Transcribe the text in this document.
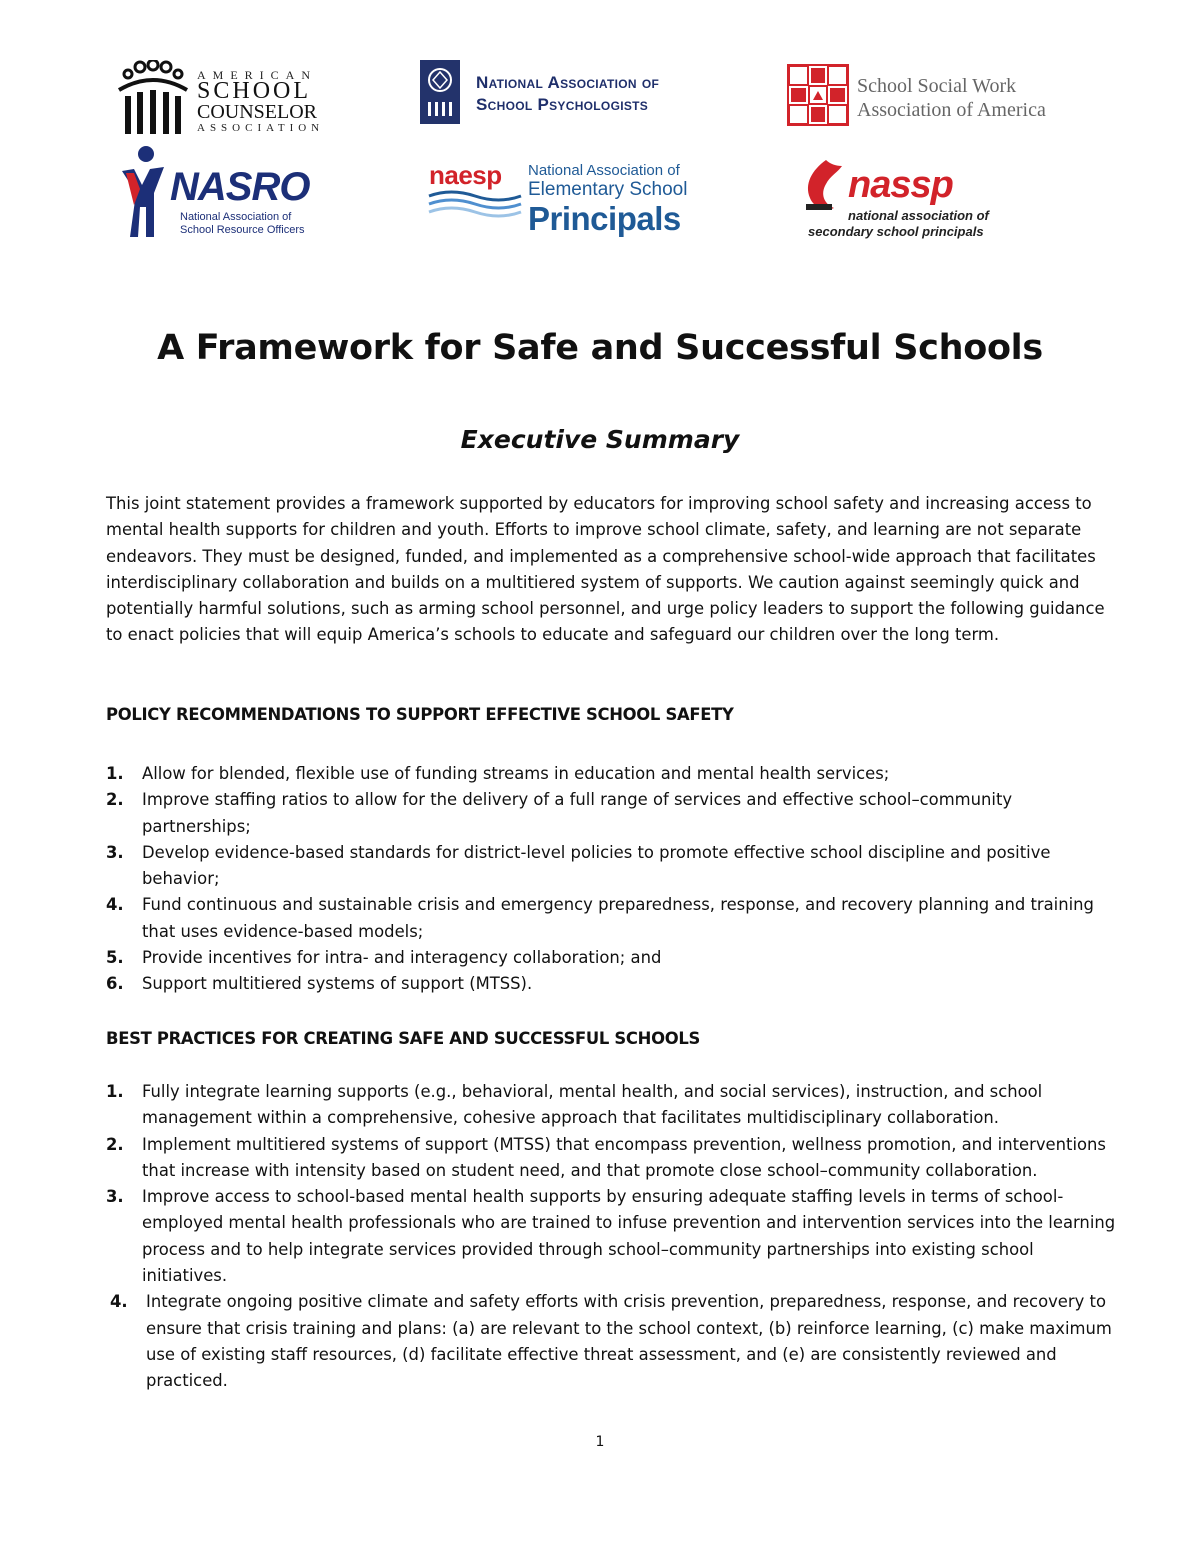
AMERICAN
SCHOOL
COUNSELOR
ASSOCIATION
National Association of
School Psychologists
School Social Work
Association of America
NASRO
National Association of
School Resource Officers
naesp National Association of
Elementary School
Principals
nassp
national association of
secondary school principals
A Framework for Safe and Successful Schools
Executive Summary

This joint statement provides a framework supported by educators for improving school safety and increasing access to mental health supports for children and youth. Efforts to improve school climate, safety, and learning are not separate endeavors. They must be designed, funded, and implemented as a comprehensive school-wide approach that facilitates interdisciplinary collaboration and builds on a multitiered system of supports. We caution against seemingly quick and potentially harmful solutions, such as arming school personnel, and urge policy leaders to support the following guidance to enact policies that will equip America’s schools to educate and safeguard our children over the long term.

POLICY RECOMMENDATIONS TO SUPPORT EFFECTIVE SCHOOL SAFETY
1. Allow for blended, flexible use of funding streams in education and mental health services;
2. Improve staffing ratios to allow for the delivery of a full range of services and effective school–community partnerships;
3. Develop evidence-based standards for district-level policies to promote effective school discipline and positive behavior;
4. Fund continuous and sustainable crisis and emergency preparedness, response, and recovery planning and training that uses evidence-based models;
5. Provide incentives for intra- and interagency collaboration; and
6. Support multitiered systems of support (MTSS).
BEST PRACTICES FOR CREATING SAFE AND SUCCESSFUL SCHOOLS
1. Fully integrate learning supports (e.g., behavioral, mental health, and social services), instruction, and school management within a comprehensive, cohesive approach that facilitates multidisciplinary collaboration.
2. Implement multitiered systems of support (MTSS) that encompass prevention, wellness promotion, and interventions that increase with intensity based on student need, and that promote close school–community collaboration.
3. Improve access to school-based mental health supports by ensuring adequate staffing levels in terms of school-employed mental health professionals who are trained to infuse prevention and intervention services into the learning process and to help integrate services provided through school–community partnerships into existing school initiatives.
4. Integrate ongoing positive climate and safety efforts with crisis prevention, preparedness, response, and recovery to ensure that crisis training and plans: (a) are relevant to the school context, (b) reinforce learning, (c) make maximum use of existing staff resources, (d) facilitate effective threat assessment, and (e) are consistently reviewed and practiced.
1
